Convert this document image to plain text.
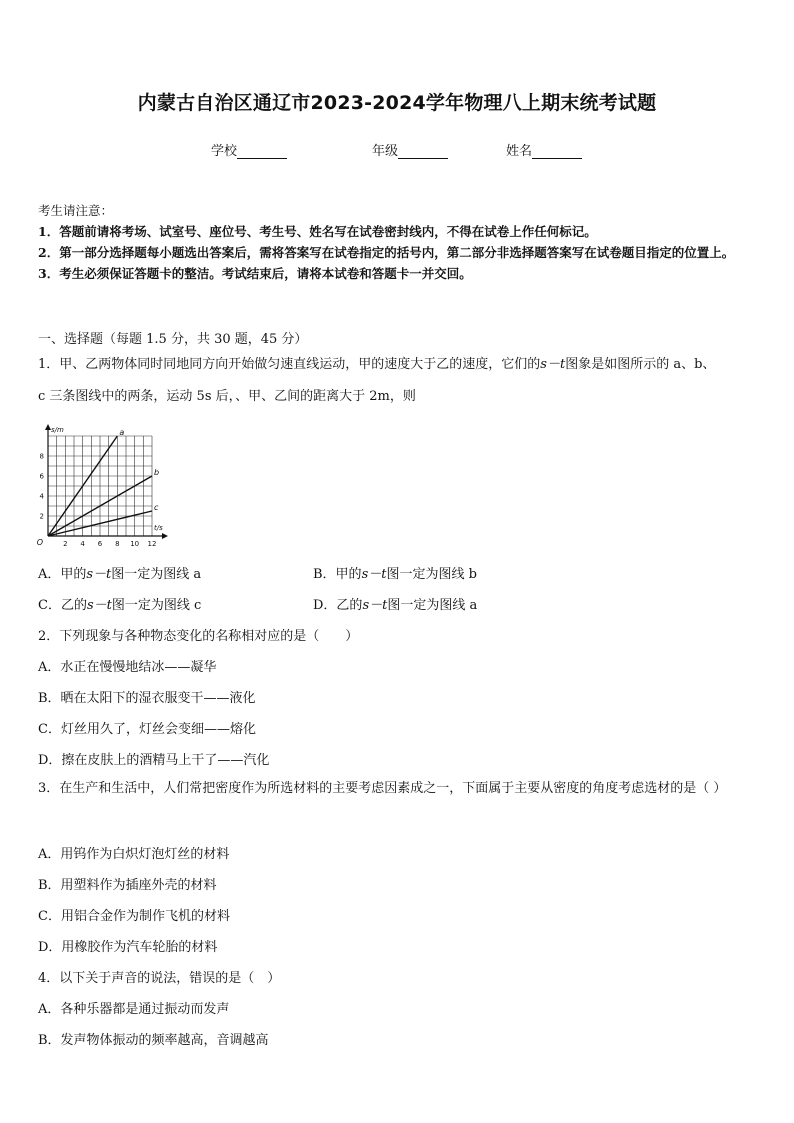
内蒙古自治区通辽市2023-2024学年物理八上期末统考试题
学校	年级	姓名
考生请注意：
1．答题前请将考场、试室号、座位号、考生号、姓名写在试卷密封线内，不得在试卷上作任何标记。
2．第一部分选择题每小题选出答案后，需将答案写在试卷指定的括号内，第二部分非选择题答案写在试卷题目指定的位置上。
3．考生必须保证答题卡的整洁。考试结束后，请将本试卷和答题卡一并交回。
一、选择题（每题 1.5 分，共 30 题，45 分）
1．甲、乙两物体同时同地同方向开始做匀速直线运动，甲的速度大于乙的速度，它们的s－t图象是如图所示的 a、b、
c 三条图线中的两条，运动 5s 后，、甲、乙间的距离大于 2m，则
2 4 6 8 10 12
2
4
6
8
O
s/m
t/s
a
b
c
A．甲的s－t图一定为图线 a	B．甲的s－t图一定为图线 b
C．乙的s－t图一定为图线 c	D．乙的s－t图一定为图线 a
2．下列现象与各种物态变化的名称相对应的是（　　）
A．水正在慢慢地结冰——凝华
B．晒在太阳下的湿衣服变干——液化
C．灯丝用久了，灯丝会变细——熔化
D．擦在皮肤上的酒精马上干了——汽化
3．在生产和生活中，人们常把密度作为所选材料的主要考虑因素成之一，下面属于主要从密度的角度考虑选材的是（ ）
A．用钨作为白炽灯泡灯丝的材料
B．用塑料作为插座外壳的材料
C．用铝合金作为制作飞机的材料
D．用橡胶作为汽车轮胎的材料
4．以下关于声音的说法，错误的是（　）
A．各种乐器都是通过振动而发声
B．发声物体振动的频率越高，音调越高
